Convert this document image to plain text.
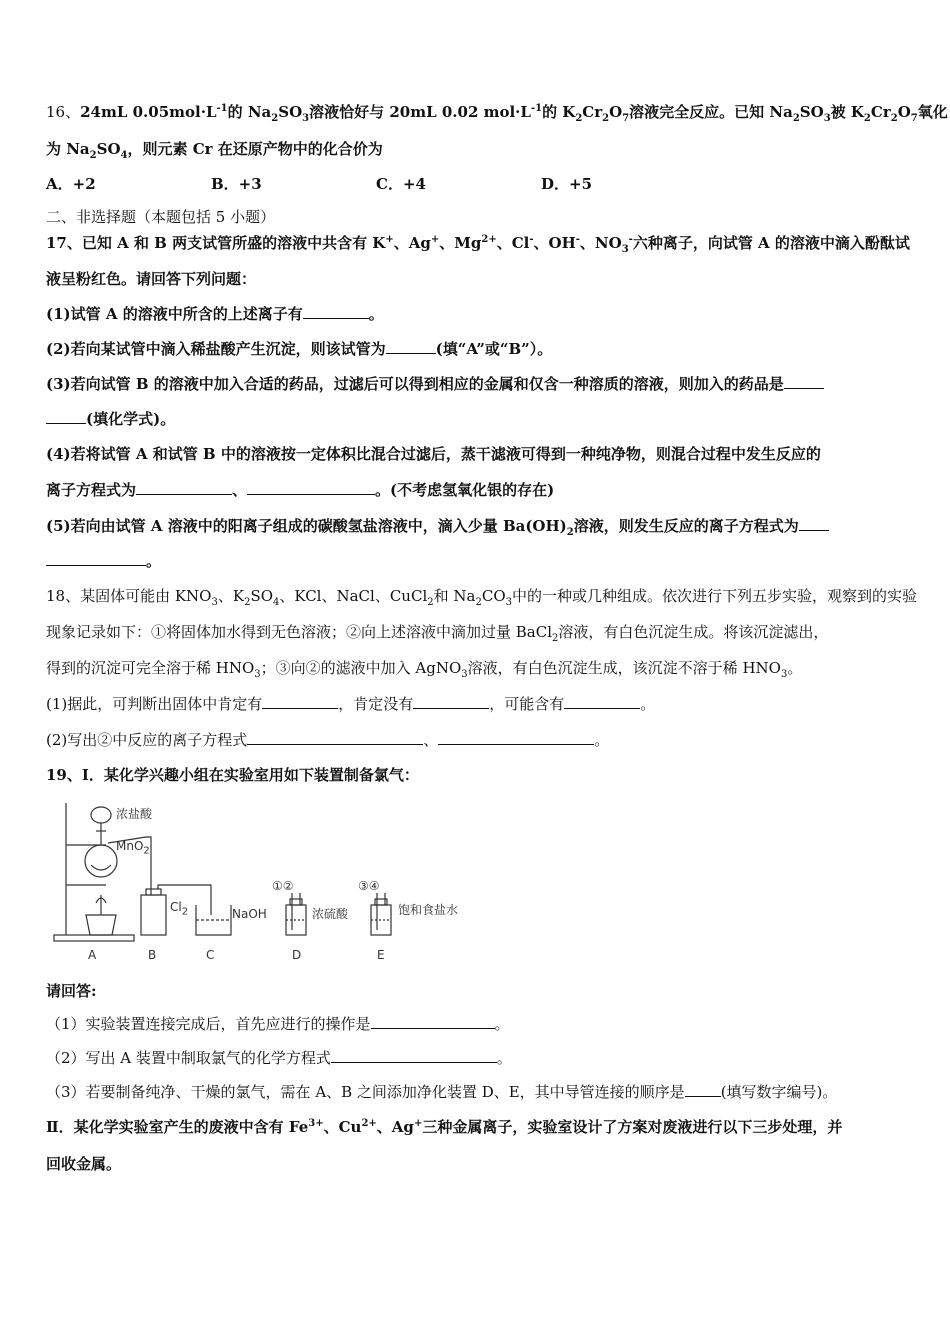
16、24mL $0.05mol\cdot L^{-1}$的 $Na_2SO_3$溶液恰好与 20mL 0.02 $mol\cdot L^{-1}$的 $K_2Cr_2O_7$溶液完全反应。已知 $Na_2SO_3$被 $K_2Cr_2O_7$氧化
为 $Na_2SO_4$，则元素 Cr 在还原产物中的化合价为
A．+2	B．+3	C．+4	D．+5
二、非选择题（本题包括 5 小题）
17、已知 A 和 B 两支试管所盛的溶液中共含有 K+、Ag+、$Mg^{2+}$、Cl-、OH-、$NO_3^-$六种离子，向试管 A 的溶液中滴入酚酞试
液呈粉红色。请回答下列问题：
(1)试管 A 的溶液中所含的上述离子有	。
(2)若向某试管中滴入稀盐酸产生沉淀，则该试管为	(填“A”或“B”）。
(3)若向试管 B 的溶液中加入合适的药品，过滤后可以得到相应的金属和仅含一种溶质的溶液，则加入的药品是
(填化学式)。
(4)若将试管 A 和试管 B 中的溶液按一定体积比混合过滤后，蒸干滤液可得到一种纯净物，则混合过程中发生反应的
离子方程式为	、	。(不考虑氢氧化银的存在)
(5)若向由试管 A 溶液中的阳离子组成的碳酸氢盐溶液中，滴入少量 $Ba(OH)_2$溶液，则发生反应的离子方程式为
。
18、某固体可能由 $KNO_3$、$K_2SO_4$、KCl、NaCl、CuCl$_2$和 $Na_2CO_3$中的一种或几种组成。依次进行下列五步实验，观察到的实验
现象记录如下：①将固体加水得到无色溶液；②向上述溶液中滴加过量 BaCl$_2$溶液，有白色沉淀生成。将该沉淀滤出，
得到的沉淀可完全溶于稀 $HNO_3$；③向②的滤液中加入 AgNO$_3$溶液，有白色沉淀生成，该沉淀不溶于稀 $HNO_3$。
(1)据此，可判断出固体中肯定有	，肯定没有	，可能含有	。
(2)写出②中反应的离子方程式	、	。
19、Ⅰ．某化学兴趣小组在实验室用如下装置制备氯气：
浓盐酸
MnO$_2$
$Cl_2$	NaOH
①②
浓硫酸
③④
饱和食盐水
A	B	C	D	E
请回答:
（1）实验装置连接完成后，首先应进行的操作是	。
（2）写出 A 装置中制取氯气的化学方程式	。
（3）若要制备纯净、干燥的氯气，需在 A、B 之间添加净化装置 D、E，其中导管连接的顺序是 (填写数字编号)。
Ⅱ．某化学实验室产生的废液中含有 $Fe^{3+}$、$Cu^{2+}$、Ag+三种金属离子，实验室设计了方案对废液进行以下三步处理，并
回收金属。
